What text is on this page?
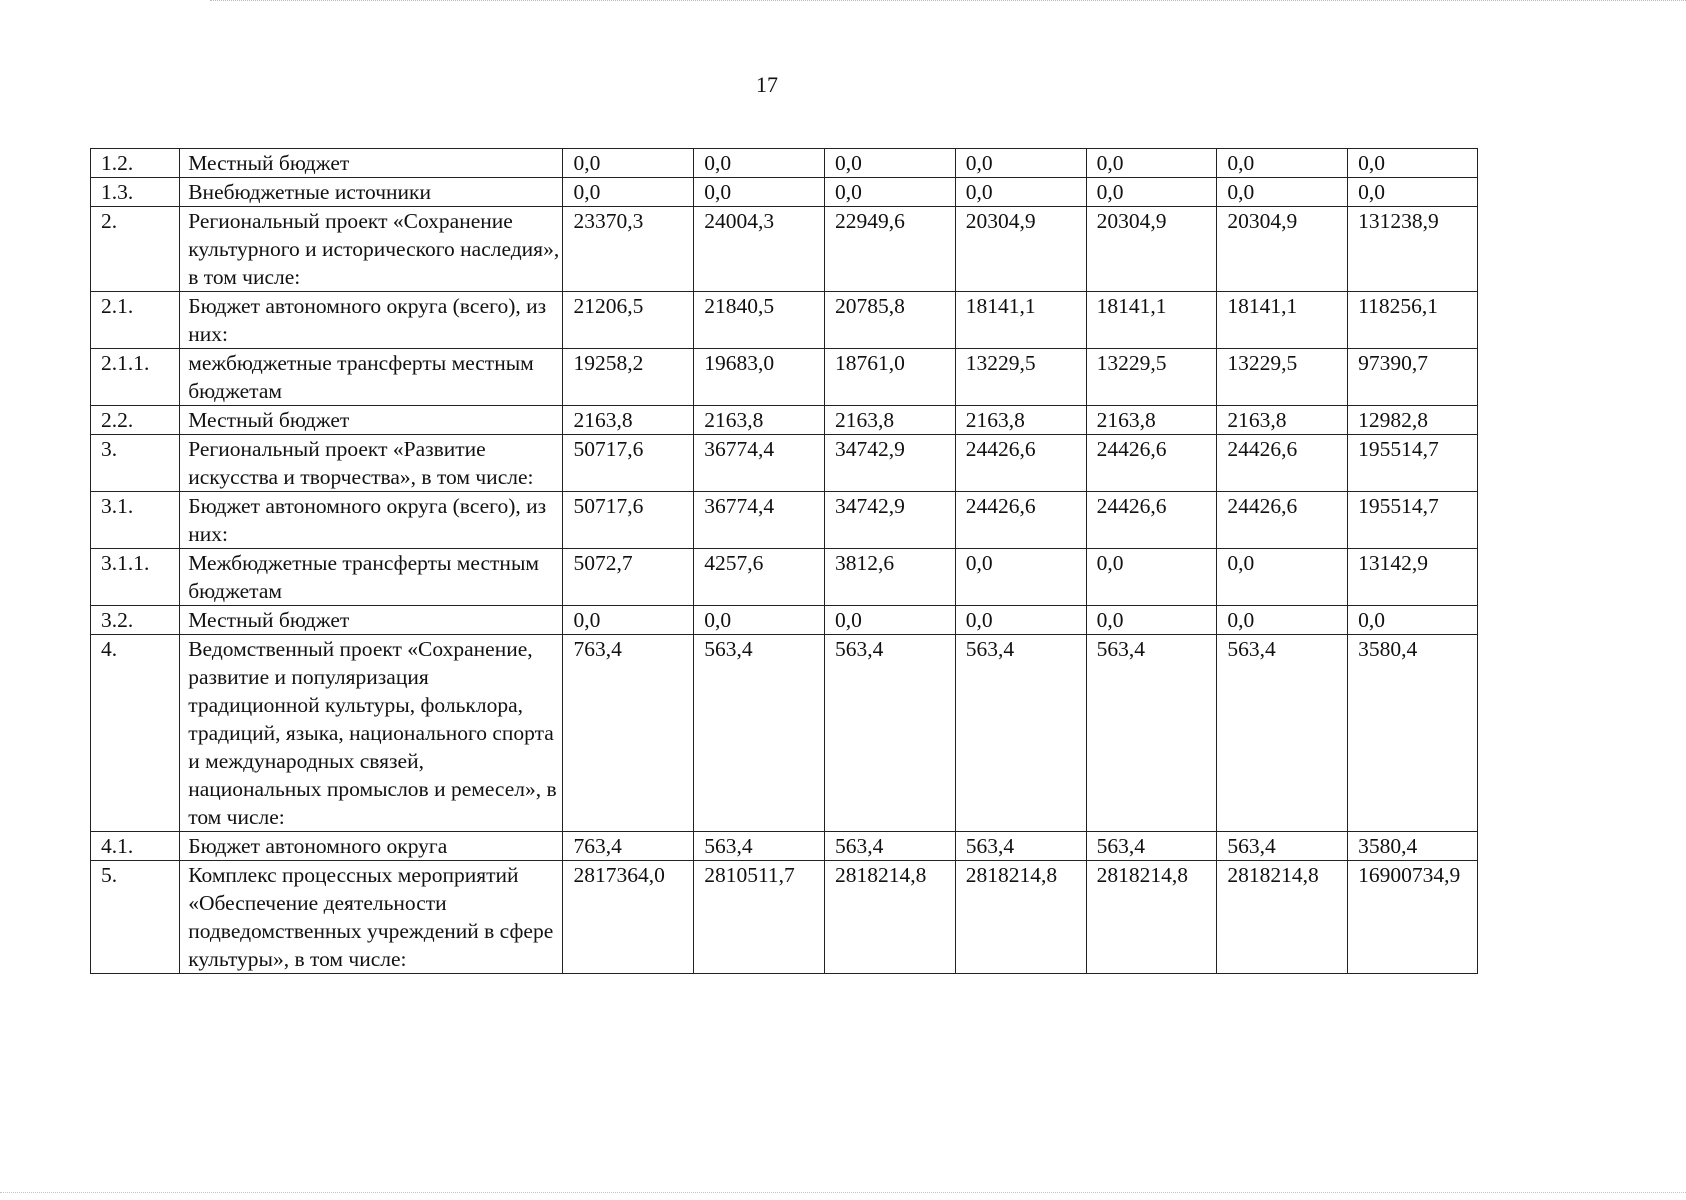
17
1.2.	Местный бюджет	0,0	0,0	0,0	0,0	0,0	0,0	0,0
1.3.	Внебюджетные источники	0,0	0,0	0,0	0,0	0,0	0,0	0,0
2.	Региональный проект «Сохранение культурного и исторического наследия», в том числе:	23370,3	24004,3	22949,6	20304,9	20304,9	20304,9	131238,9
2.1.	Бюджет автономного округа (всего), из них:	21206,5	21840,5	20785,8	18141,1	18141,1	18141,1	118256,1
2.1.1.	межбюджетные трансферты местным бюджетам	19258,2	19683,0	18761,0	13229,5	13229,5	13229,5	97390,7
2.2.	Местный бюджет	2163,8	2163,8	2163,8	2163,8	2163,8	2163,8	12982,8
3.	Региональный проект «Развитие искусства и творчества», в том числе:	50717,6	36774,4	34742,9	24426,6	24426,6	24426,6	195514,7
3.1.	Бюджет автономного округа (всего), из них:	50717,6	36774,4	34742,9	24426,6	24426,6	24426,6	195514,7
3.1.1.	Межбюджетные трансферты местным бюджетам	5072,7	4257,6	3812,6	0,0	0,0	0,0	13142,9
3.2.	Местный бюджет	0,0	0,0	0,0	0,0	0,0	0,0	0,0
4.	Ведомственный проект «Сохранение, развитие и популяризация традиционной культуры, фольклора, традиций, языка, национального спорта и международных связей, национальных промыслов и ремесел», в том числе:	763,4	563,4	563,4	563,4	563,4	563,4	3580,4
4.1.	Бюджет автономного округа	763,4	563,4	563,4	563,4	563,4	563,4	3580,4
5.	Комплекс процессных мероприятий «Обеспечение деятельности подведомственных учреждений в сфере культуры», в том числе:	2817364,0	2810511,7	2818214,8	2818214,8	2818214,8	2818214,8	16900734,9
